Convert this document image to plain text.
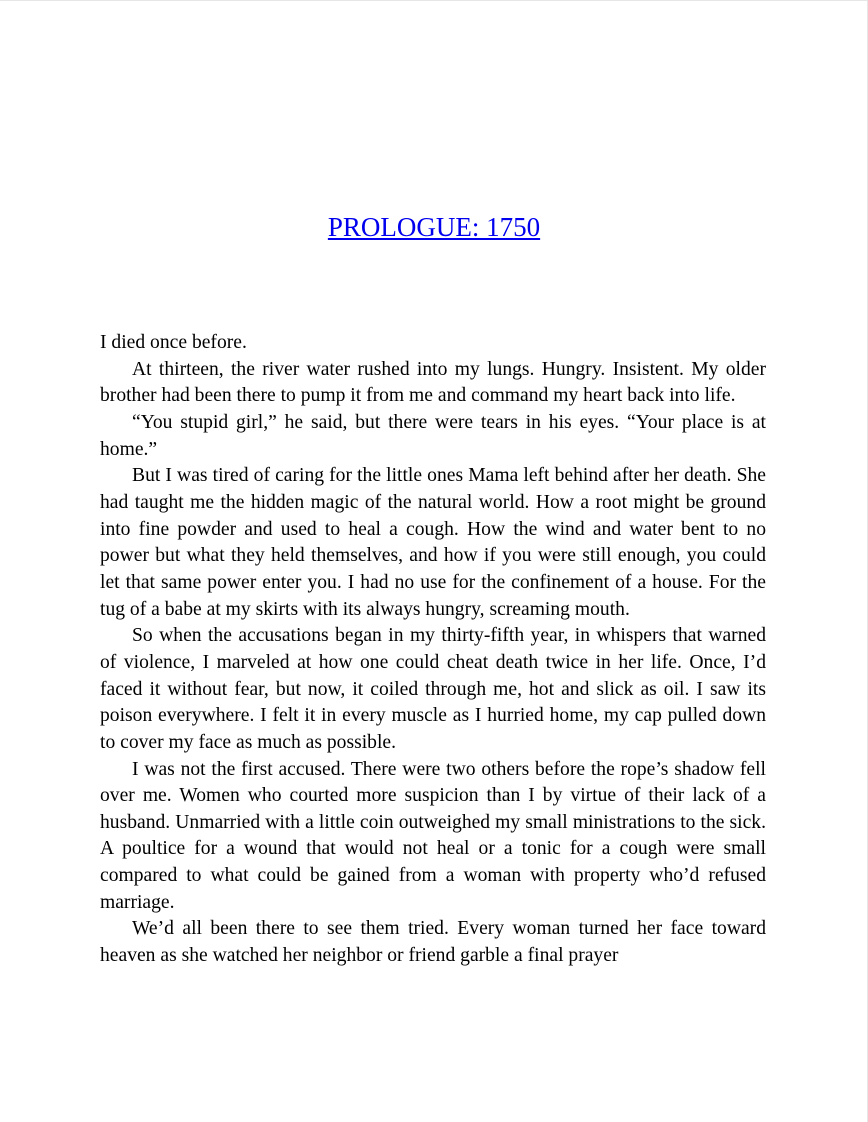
PROLOGUE: 1750

I died once before.

At thirteen, the river water rushed into my lungs. Hungry. Insistent. My older brother had been there to pump it from me and command my heart back into life.

“You stupid girl,” he said, but there were tears in his eyes. “Your place is at home.”

But I was tired of caring for the little ones Mama left behind after her death. She had taught me the hidden magic of the natural world. How a root might be ground into fine powder and used to heal a cough. How the wind and water bent to no power but what they held themselves, and how if you were still enough, you could let that same power enter you. I had no use for the confinement of a house. For the tug of a babe at my skirts with its always hungry, screaming mouth.

So when the accusations began in my thirty-fifth year, in whispers that warned of violence, I marveled at how one could cheat death twice in her life. Once, I’d faced it without fear, but now, it coiled through me, hot and slick as oil. I saw its poison everywhere. I felt it in every muscle as I hurried home, my cap pulled down to cover my face as much as possible.

I was not the first accused. There were two others before the rope’s shadow fell over me. Women who courted more suspicion than I by virtue of their lack of a husband. Unmarried with a little coin outweighed my small ministrations to the sick. A poultice for a wound that would not heal or a tonic for a cough were small compared to what could be gained from a woman with property who’d refused marriage.

We’d all been there to see them tried. Every woman turned her face toward heaven as she watched her neighbor or friend garble a final prayer
